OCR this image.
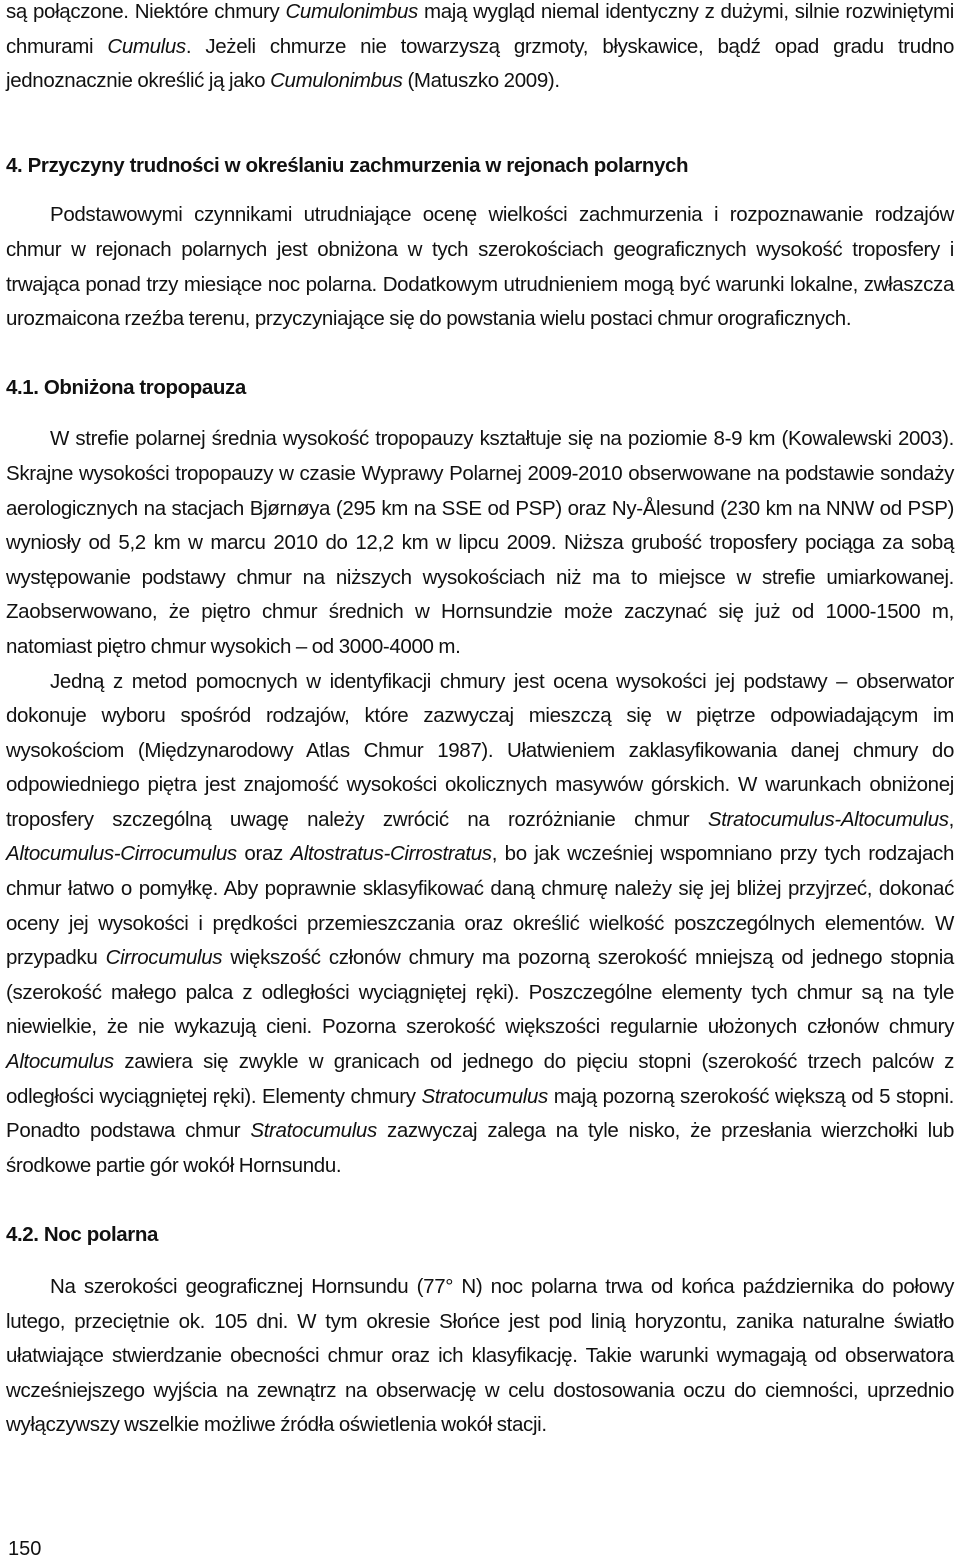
są połączone. Niektóre chmury Cumulonimbus mają wygląd niemal identyczny z dużymi, silnie rozwiniętymi chmurami Cumulus. Jeżeli chmurze nie towarzyszą grzmoty, błyskawice, bądź opad gradu trudno jednoznacznie określić ją jako Cumulonimbus (Matuszko 2009).

4. Przyczyny trudności w określaniu zachmurzenia w rejonach polarnych

Podstawowymi czynnikami utrudniające ocenę wielkości zachmurzenia i rozpoznawanie rodzajów chmur w rejonach polarnych jest obniżona w tych szerokościach geograficznych wysokość troposfery i trwająca ponad trzy miesiące noc polarna. Dodatkowym utrudnieniem mogą być warunki lokalne, zwłaszcza urozmaicona rzeźba terenu, przyczyniające się do powstania wielu postaci chmur orograficznych.

4.1. Obniżona tropopauza

W strefie polarnej średnia wysokość tropopauzy kształtuje się na poziomie 8-9 km (Kowalewski 2003). Skrajne wysokości tropopauzy w czasie Wyprawy Polarnej 2009-2010 obserwowane na podstawie sondaży aerologicznych na stacjach Bjørnøya (295 km na SSE od PSP) oraz Ny-Ålesund (230 km na NNW od PSP) wyniosły od 5,2 km w marcu 2010 do 12,2 km w lipcu 2009. Niższa grubość troposfery pociąga za sobą występowanie podstawy chmur na niższych wysokościach niż ma to miejsce w strefie umiarkowanej. Zaobserwowano, że piętro chmur średnich w Hornsundzie może zaczynać się już od 1000-1500 m, natomiast piętro chmur wysokich – od 3000-4000 m.

Jedną z metod pomocnych w identyfikacji chmury jest ocena wysokości jej podstawy – obserwator dokonuje wyboru spośród rodzajów, które zazwyczaj mieszczą się w piętrze odpowiadającym im wysokościom (Międzynarodowy Atlas Chmur 1987). Ułatwieniem zaklasyfikowania danej chmury do odpowiedniego piętra jest znajomość wysokości okolicznych masywów górskich. W warunkach obniżonej troposfery szczególną uwagę należy zwrócić na rozróżnianie chmur Stratocumulus-Altocumulus, Altocumulus-Cirrocumulus oraz Altostratus-Cirrostratus, bo jak wcześniej wspomniano przy tych rodzajach chmur łatwo o pomyłkę. Aby poprawnie sklasyfikować daną chmurę należy się jej bliżej przyjrzeć, dokonać oceny jej wysokości i prędkości przemieszczania oraz określić wielkość poszczególnych elementów. W przypadku Cirrocumulus większość członów chmury ma pozorną szerokość mniejszą od jednego stopnia (szerokość małego palca z odległości wyciągniętej ręki). Poszczególne elementy tych chmur są na tyle niewielkie, że nie wykazują cieni. Pozorna szerokość większości regularnie ułożonych członów chmury Altocumulus zawiera się zwykle w granicach od jednego do pięciu stopni (szerokość trzech palców z odległości wyciągniętej ręki). Elementy chmury Stratocumulus mają pozorną szerokość większą od 5 stopni. Ponadto podstawa chmur Stratocumulus zazwyczaj zalega na tyle nisko, że przesłania wierzchołki lub środkowe partie gór wokół Hornsundu.

4.2. Noc polarna

Na szerokości geograficznej Hornsundu (77° N) noc polarna trwa od końca października do połowy lutego, przeciętnie ok. 105 dni. W tym okresie Słońce jest pod linią horyzontu, zanika naturalne światło ułatwiające stwierdzanie obecności chmur oraz ich klasyfikację. Takie warunki wymagają od obserwatora wcześniejszego wyjścia na zewnątrz na obserwację w celu dostosowania oczu do ciemności, uprzednio wyłączywszy wszelkie możliwe źródła oświetlenia wokół stacji.

150
